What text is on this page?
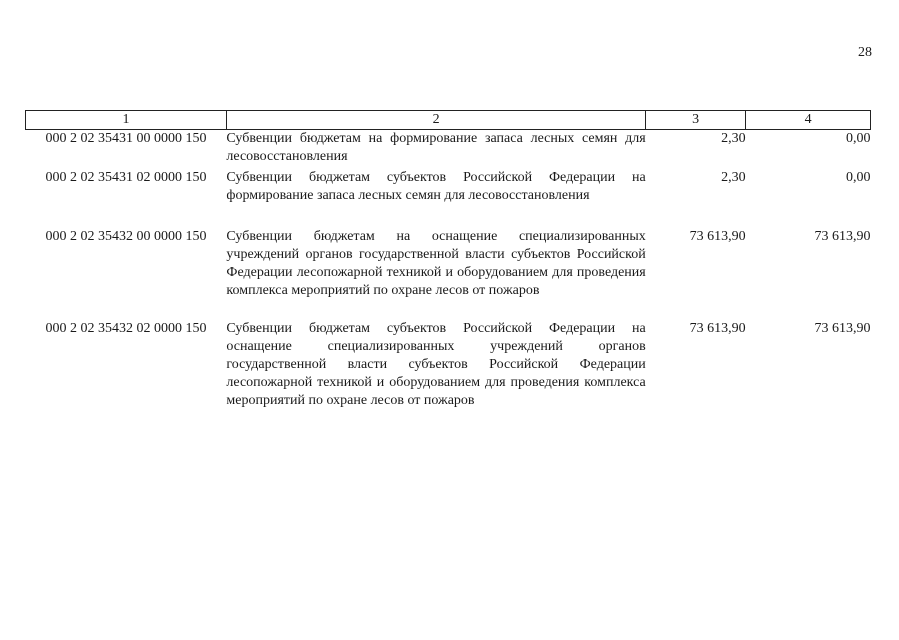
28
1	2	3	4
000 2 02 35431 00 0000 150	Субвенции бюджетам на формирование запаса лесных семян для лесовосстановления	2,30	0,00
000 2 02 35431 02 0000 150	Субвенции бюджетам субъектов Российской Федерации на формирование запаса лесных семян для лесовосстановления	2,30	0,00
000 2 02 35432 00 0000 150	Субвенции бюджетам на оснащение специализированных учреждений органов государственной власти субъектов Российской Федерации лесопожарной техникой и оборудованием для проведения комплекса мероприятий по охране лесов от пожаров	73 613,90	73 613,90
000 2 02 35432 02 0000 150	Субвенции бюджетам субъектов Российской Федерации на оснащение специализированных учреждений органов государственной власти субъектов Российской Федерации лесопожарной техникой и оборудованием для проведения комплекса мероприятий по охране лесов от пожаров	73 613,90	73 613,90
